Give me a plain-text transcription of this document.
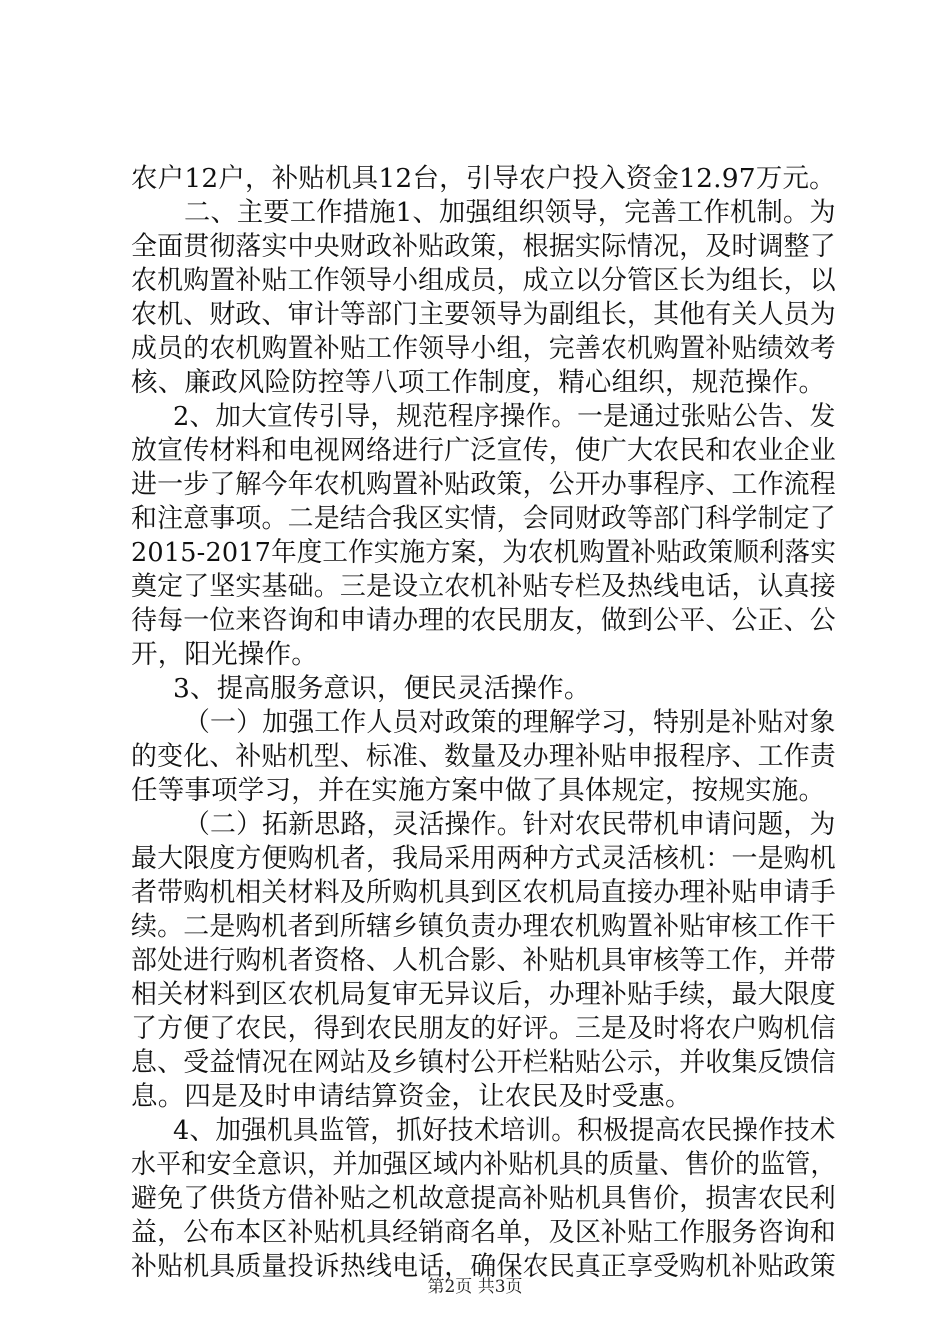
农户12户，补贴机具12台，引导农户投入资金12.97万元。
二、主要工作措施1、加强组织领导，完善工作机制。为
全面贯彻落实中央财政补贴政策，根据实际情况，及时调整了
农机购置补贴工作领导小组成员，成立以分管区长为组长，以
农机、财政、审计等部门主要领导为副组长，其他有关人员为
成员的农机购置补贴工作领导小组，完善农机购置补贴绩效考
核、廉政风险防控等八项工作制度，精心组织，规范操作。
2、加大宣传引导，规范程序操作。一是通过张贴公告、发
放宣传材料和电视网络进行广泛宣传，使广大农民和农业企业
进一步了解今年农机购置补贴政策，公开办事程序、工作流程
和注意事项。二是结合我区实情，会同财政等部门科学制定了
2015-2017年度工作实施方案，为农机购置补贴政策顺利落实
奠定了坚实基础。三是设立农机补贴专栏及热线电话，认真接
待每一位来咨询和申请办理的农民朋友，做到公平、公正、公
开，阳光操作。
3、提高服务意识，便民灵活操作。
（一）加强工作人员对政策的理解学习，特别是补贴对象
的变化、补贴机型、标准、数量及办理补贴申报程序、工作责
任等事项学习，并在实施方案中做了具体规定，按规实施。
（二）拓新思路，灵活操作。针对农民带机申请问题，为
最大限度方便购机者，我局采用两种方式灵活核机：一是购机
者带购机相关材料及所购机具到区农机局直接办理补贴申请手
续。二是购机者到所辖乡镇负责办理农机购置补贴审核工作干
部处进行购机者资格、人机合影、补贴机具审核等工作，并带
相关材料到区农机局复审无异议后，办理补贴手续，最大限度
了方便了农民，得到农民朋友的好评。三是及时将农户购机信
息、受益情况在网站及乡镇村公开栏粘贴公示，并收集反馈信
息。四是及时申请结算资金，让农民及时受惠。
4、加强机具监管，抓好技术培训。积极提高农民操作技术
水平和安全意识，并加强区域内补贴机具的质量、售价的监管，
避免了供货方借补贴之机故意提高补贴机具售价，损害农民利
益，公布本区补贴机具经销商名单，及区补贴工作服务咨询和
补贴机具质量投诉热线电话，确保农民真正享受购机补贴政策
第2页 共3页
